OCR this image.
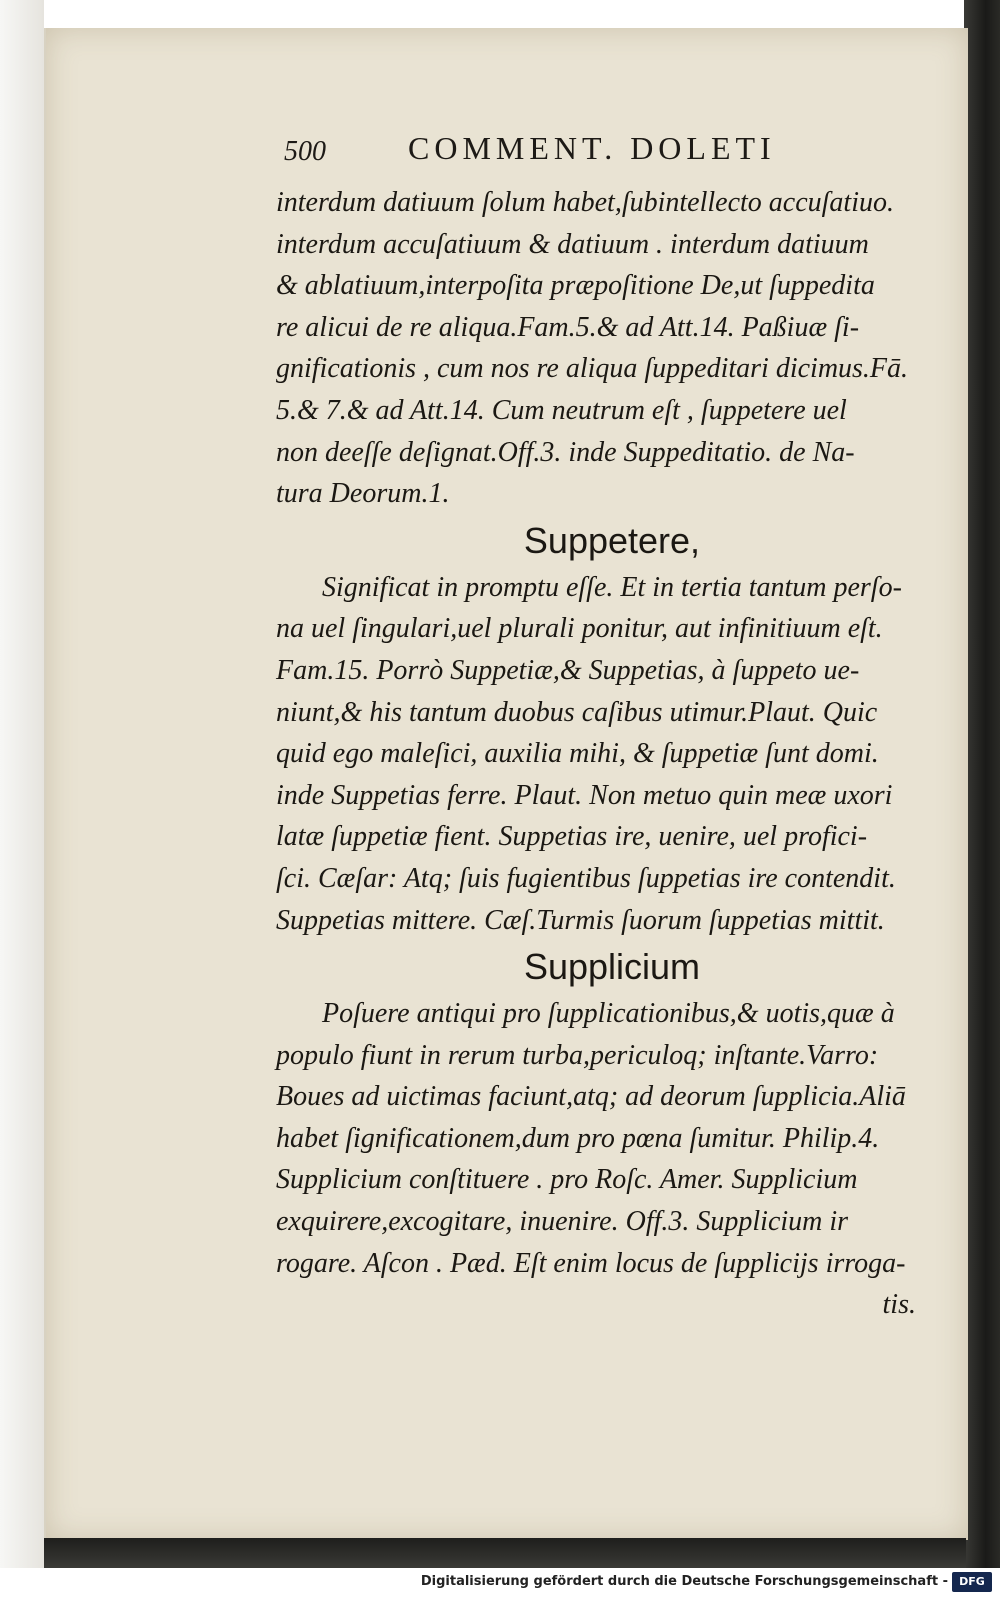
500	COMMENT. DOLETI
interdum datiuum ſolum habet,ſubintellecto accuſatiuo.
interdum accuſatiuum & datiuum . interdum datiuum
& ablatiuum,interpoſita præpoſitione De,ut ſuppedita
re alicui de re aliqua.Fam.5.& ad Att.14. Paßiuæ ſi-
gnificationis , cum nos re aliqua ſuppeditari dicimus.Fā.
5.& 7.& ad Att.14. Cum neutrum eſt , ſuppetere uel
non deeſſe deſignat.Off.3. inde Suppeditatio. de Na-
tura Deorum.1.
Suppetere,
Significat in promptu eſſe. Et in tertia tantum perſo-
na uel ſingulari,uel plurali ponitur, aut infinitiuum eſt.
Fam.15. Porrò Suppetiæ,& Suppetias, à ſuppeto ue-
niunt,& his tantum duobus caſibus utimur.Plaut. Quic
quid ego maleſici, auxilia mihi, & ſuppetiæ ſunt domi.
inde Suppetias ferre. Plaut. Non metuo quin meæ uxori
latæ ſuppetiæ fient. Suppetias ire, uenire, uel profici-
ſci. Cæſar: Atq; ſuis fugientibus ſuppetias ire contendit.
Suppetias mittere. Cæſ.Turmis ſuorum ſuppetias mittit.
Supplicium
Poſuere antiqui pro ſupplicationibus,& uotis,quæ à
populo fiunt in rerum turba,periculoq; inſtante.Varro:
Boues ad uictimas faciunt,atq; ad deorum ſupplicia.Aliā
habet ſignificationem,dum pro pœna ſumitur. Philip.4.
Supplicium conſtituere . pro Roſc. Amer. Supplicium
exquirere,excogitare, inuenire. Off.3. Supplicium ir
rogare. Aſcon . Pæd. Eſt enim locus de ſupplicijs irroga-
tis.
Digitalisierung gefördert durch die Deutsche Forschungsgemeinschaft -	DFG
